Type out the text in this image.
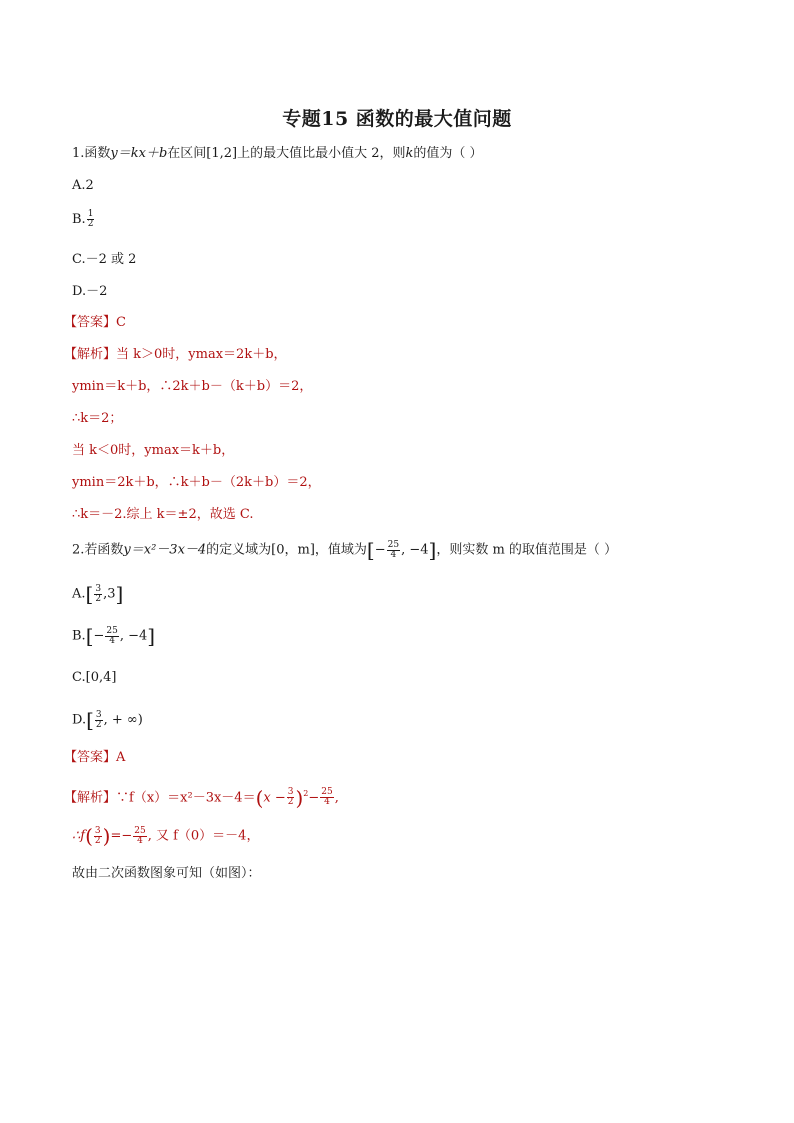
专题15 函数的最大值问题
1.函数y＝kx＋b在区间[1,2]上的最大值比最小值大 2，则k的值为（ ）
A.2
B. $\frac{1}{2}$
C.－2 或 2
D.－2
【答案】C
【解析】当 k＞0时，ymax＝2k＋b，
ymin＝k＋b，∴2k＋b－（k＋b）＝2，
∴k＝2；
当 k＜0时，ymax＝k＋b，
ymin＝2k＋b，∴k＋b－（2k＋b）＝2，
∴k＝－2.综上 k＝±2，故选 C.
2.若函数y＝x²－3x－4的定义域为[0，m]，值域为[− $\frac{25}{4}$ , −4]，则实数 m 的取值范围是（ ）
$A.[ \frac{3}{2} ,3]$
$B.[- \frac{25}{4}$ , −4]
C.[0,4]
$D.[ \frac{3}{2}$ , + ∞)
【答案】A
【解析】∵f（x）＝x²－3x－4＝(x − $\frac{3}{2} )^2- \frac{25}{4}$ ,
∴f( $\frac{3}{2}$ )=− $\frac{25}{4}$ , 又 f（0）＝－4，
故由二次函数图象可知（如图）：
